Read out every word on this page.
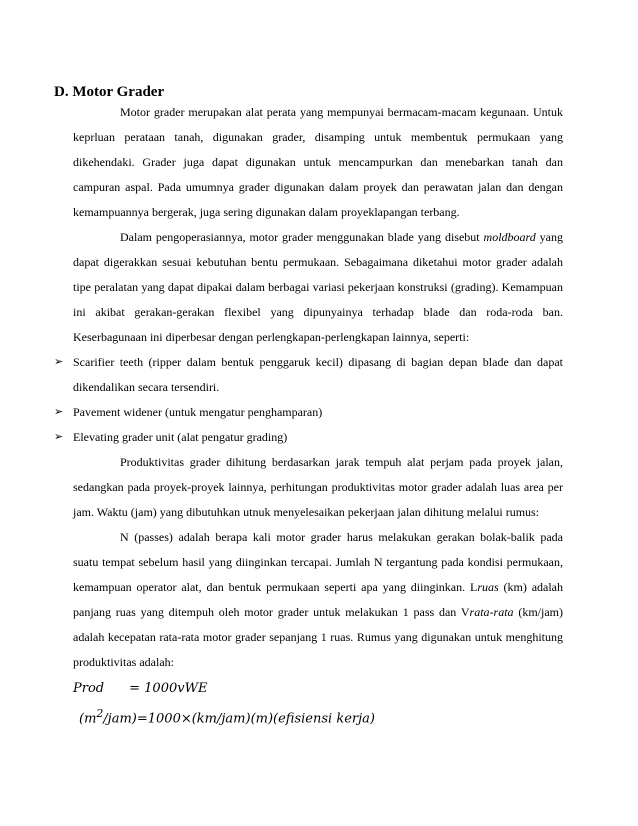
D. Motor Grader

Motor grader merupakan alat perata yang mempunyai bermacam-macam kegunaan. Untuk keprluan perataan tanah, digunakan grader, disamping untuk membentuk permukaan yang dikehendaki. Grader juga dapat digunakan untuk mencampurkan dan menebarkan tanah dan campuran aspal. Pada umumnya grader digunakan dalam proyek dan perawatan jalan dan dengan kemampuannya bergerak, juga sering digunakan dalam proyeklapangan terbang.

Dalam pengoperasiannya, motor grader menggunakan blade yang disebut moldboard yang dapat digerakkan sesuai kebutuhan bentu permukaan. Sebagaimana diketahui motor grader adalah tipe peralatan yang dapat dipakai dalam berbagai variasi pekerjaan konstruksi (grading). Kemampuan ini akibat gerakan-gerakan flexibel yang dipunyainya terhadap blade dan roda-roda ban. Keserbagunaan ini diperbesar dengan perlengkapan-perlengkapan lainnya, seperti:

➢ Scarifier teeth (ripper dalam bentuk penggaruk kecil) dipasang di bagian depan blade dan dapat dikendalikan secara tersendiri.
➢ Pavement widener (untuk mengatur penghamparan)
➢ Elevating grader unit (alat pengatur grading)

Produktivitas grader dihitung berdasarkan jarak tempuh alat perjam pada proyek jalan, sedangkan pada proyek-proyek lainnya, perhitungan produktivitas motor grader adalah luas area per jam. Waktu (jam) yang dibutuhkan utnuk menyelesaikan pekerjaan jalan dihitung melalui rumus:

N (passes) adalah berapa kali motor grader harus melakukan gerakan bolak-balik pada suatu tempat sebelum hasil yang diinginkan tercapai. Jumlah N tergantung pada kondisi permukaan, kemampuan operator alat, dan bentuk permukaan seperti apa yang diinginkan. Lruas (km) adalah panjang ruas yang ditempuh oleh motor grader untuk melakukan 1 pass dan Vrata-rata (km/jam) adalah kecepatan rata-rata motor grader sepanjang 1 ruas. Rumus yang digunakan untuk menghitung produktivitas adalah:

Prod = 1000vWE
$(m^2/jam)=1000\times(km/jam)(m)(efisiensi$ kerja)
